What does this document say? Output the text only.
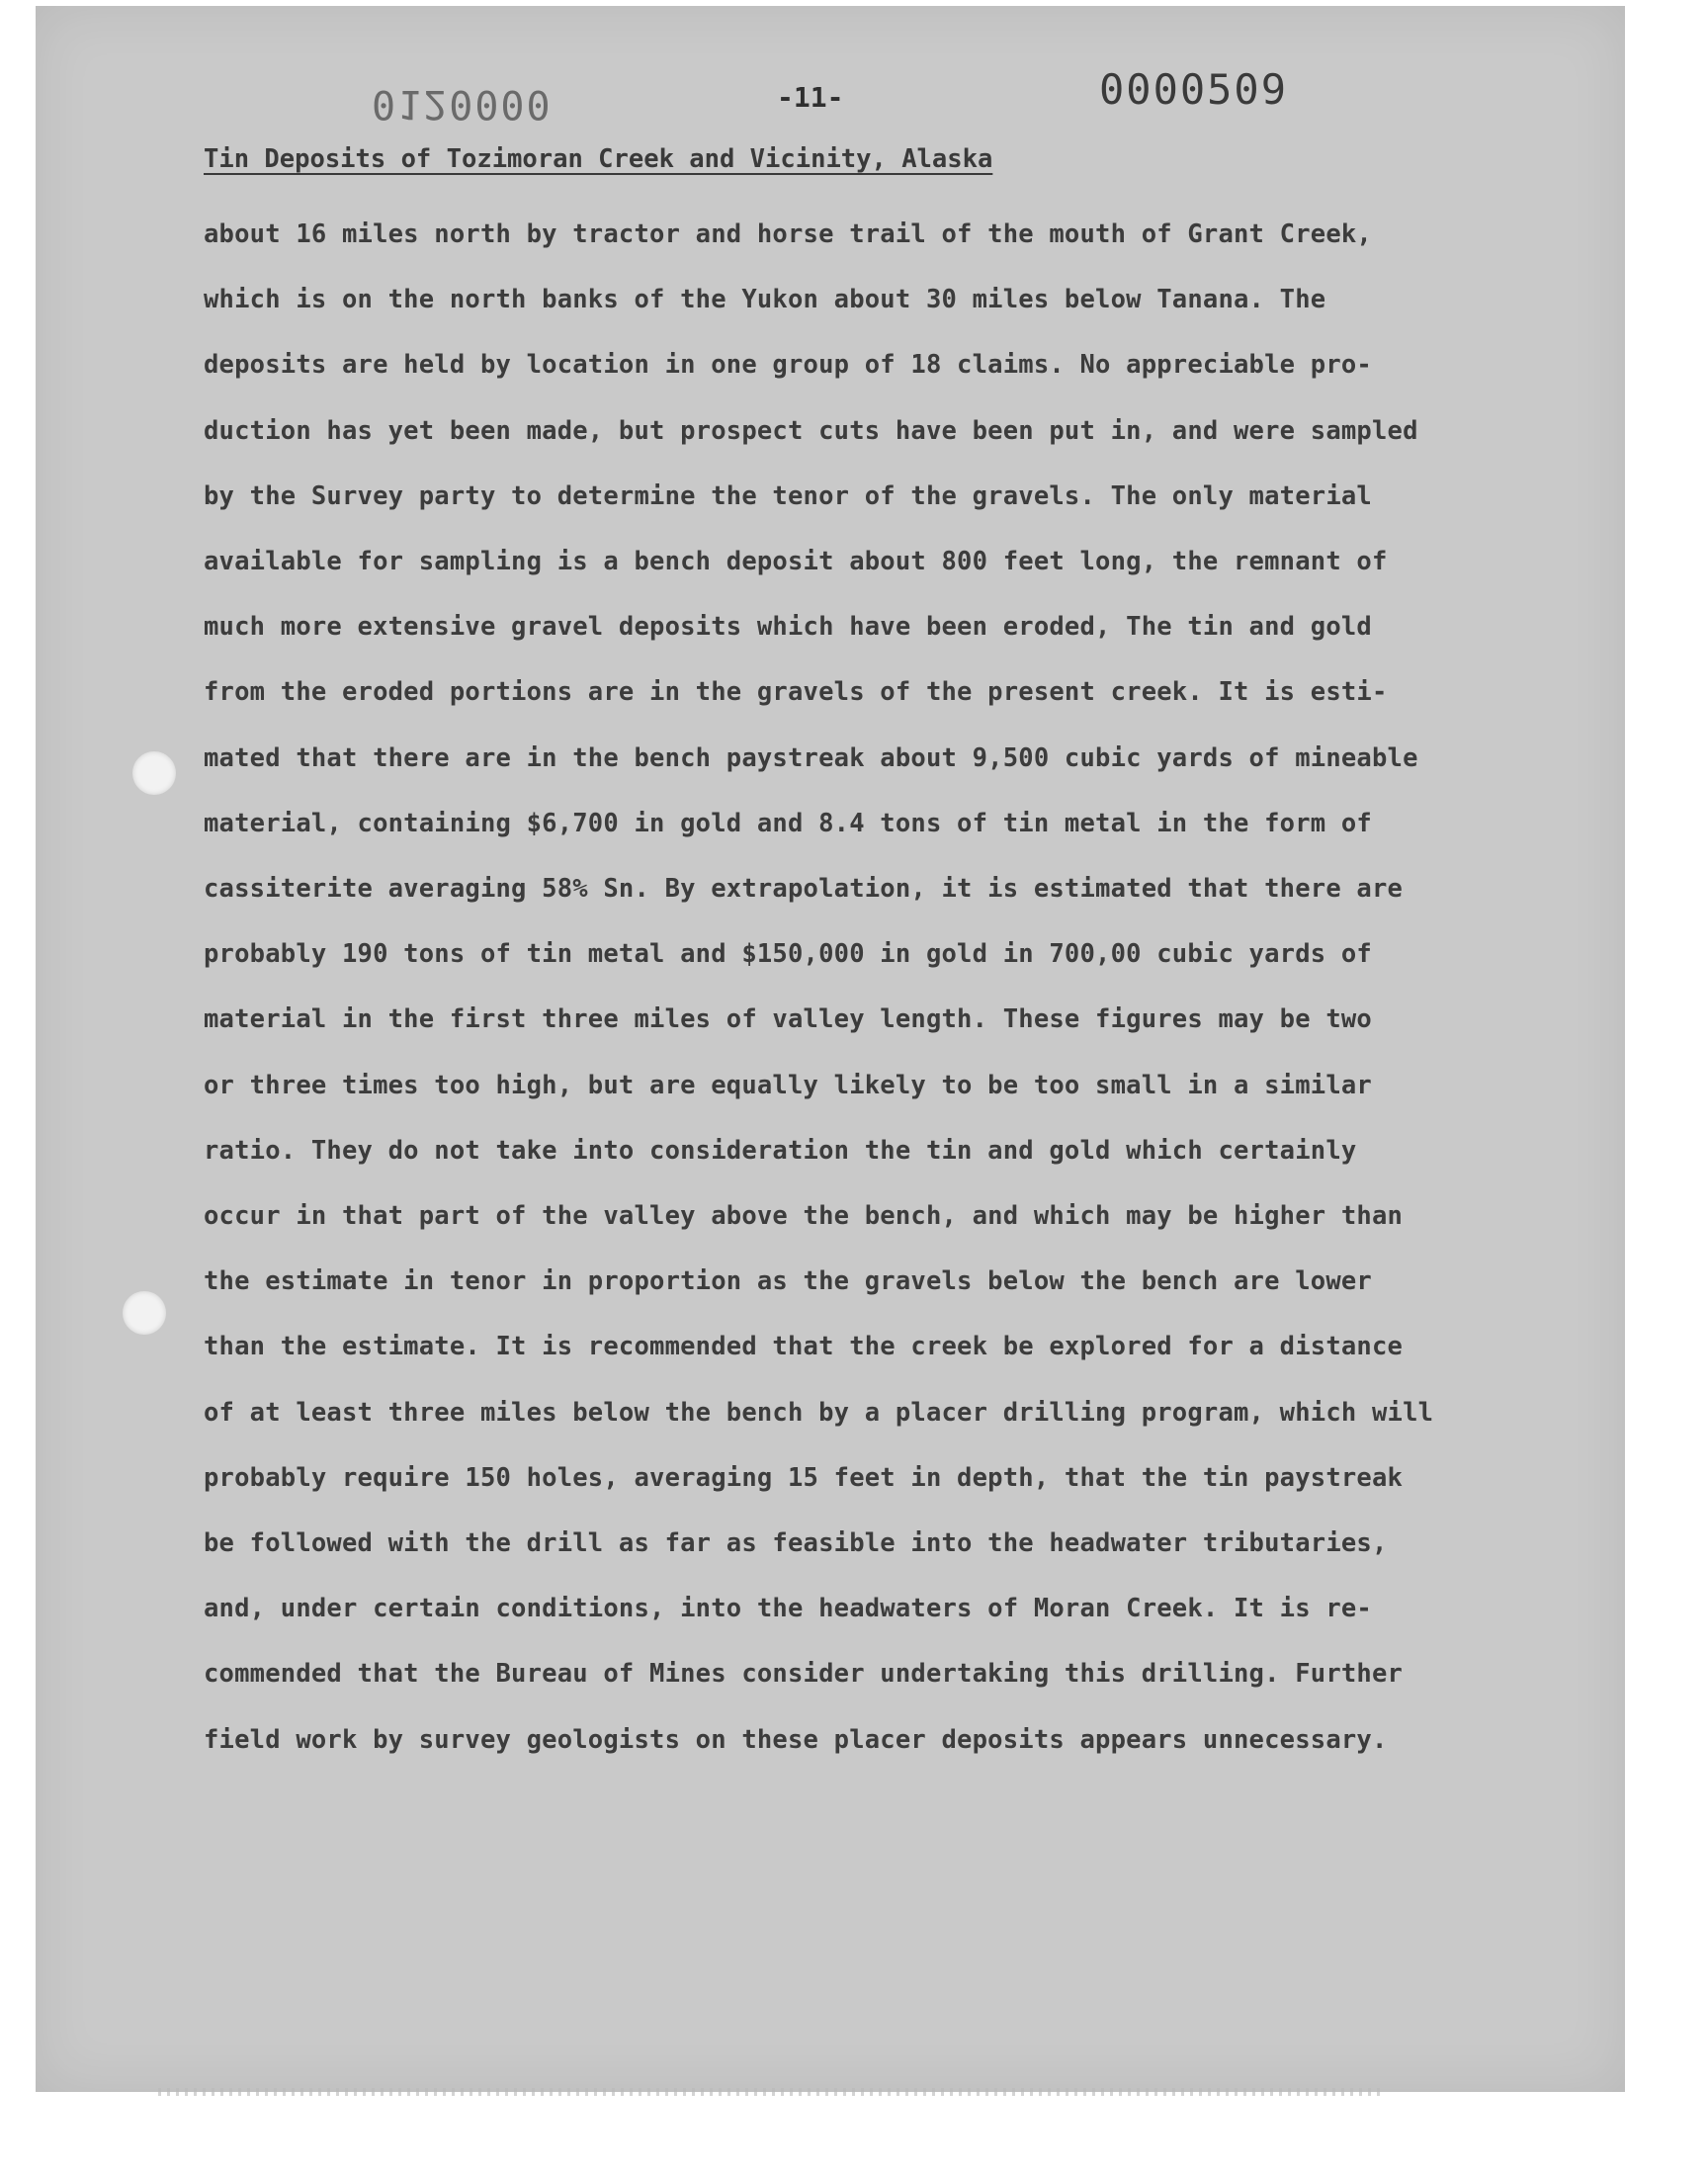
0120000	-11-	0000509
Tin Deposits of Tozimoran Creek and Vicinity, Alaska
about 16 miles north by tractor and horse trail of the mouth of Grant Creek,
which is on the north banks of the Yukon about 30 miles below Tanana. The
deposits are held by location in one group of 18 claims. No appreciable pro-
duction has yet been made, but prospect cuts have been put in, and were sampled
by the Survey party to determine the tenor of the gravels. The only material
available for sampling is a bench deposit about 800 feet long, the remnant of
much more extensive gravel deposits which have been eroded, The tin and gold
from the eroded portions are in the gravels of the present creek. It is esti-
mated that there are in the bench paystreak about 9,500 cubic yards of mineable
material, containing $6,700 in gold and 8.4 tons of tin metal in the form of
cassiterite averaging 58% Sn. By extrapolation, it is estimated that there are
probably 190 tons of tin metal and $150,000 in gold in 700,00 cubic yards of
material in the first three miles of valley length. These figures may be two
or three times too high, but are equally likely to be too small in a similar
ratio. They do not take into consideration the tin and gold which certainly
occur in that part of the valley above the bench, and which may be higher than
the estimate in tenor in proportion as the gravels below the bench are lower
than the estimate. It is recommended that the creek be explored for a distance
of at least three miles below the bench by a placer drilling program, which will
probably require 150 holes, averaging 15 feet in depth, that the tin paystreak
be followed with the drill as far as feasible into the headwater tributaries,
and, under certain conditions, into the headwaters of Moran Creek. It is re-
commended that the Bureau of Mines consider undertaking this drilling. Further
field work by survey geologists on these placer deposits appears unnecessary.
